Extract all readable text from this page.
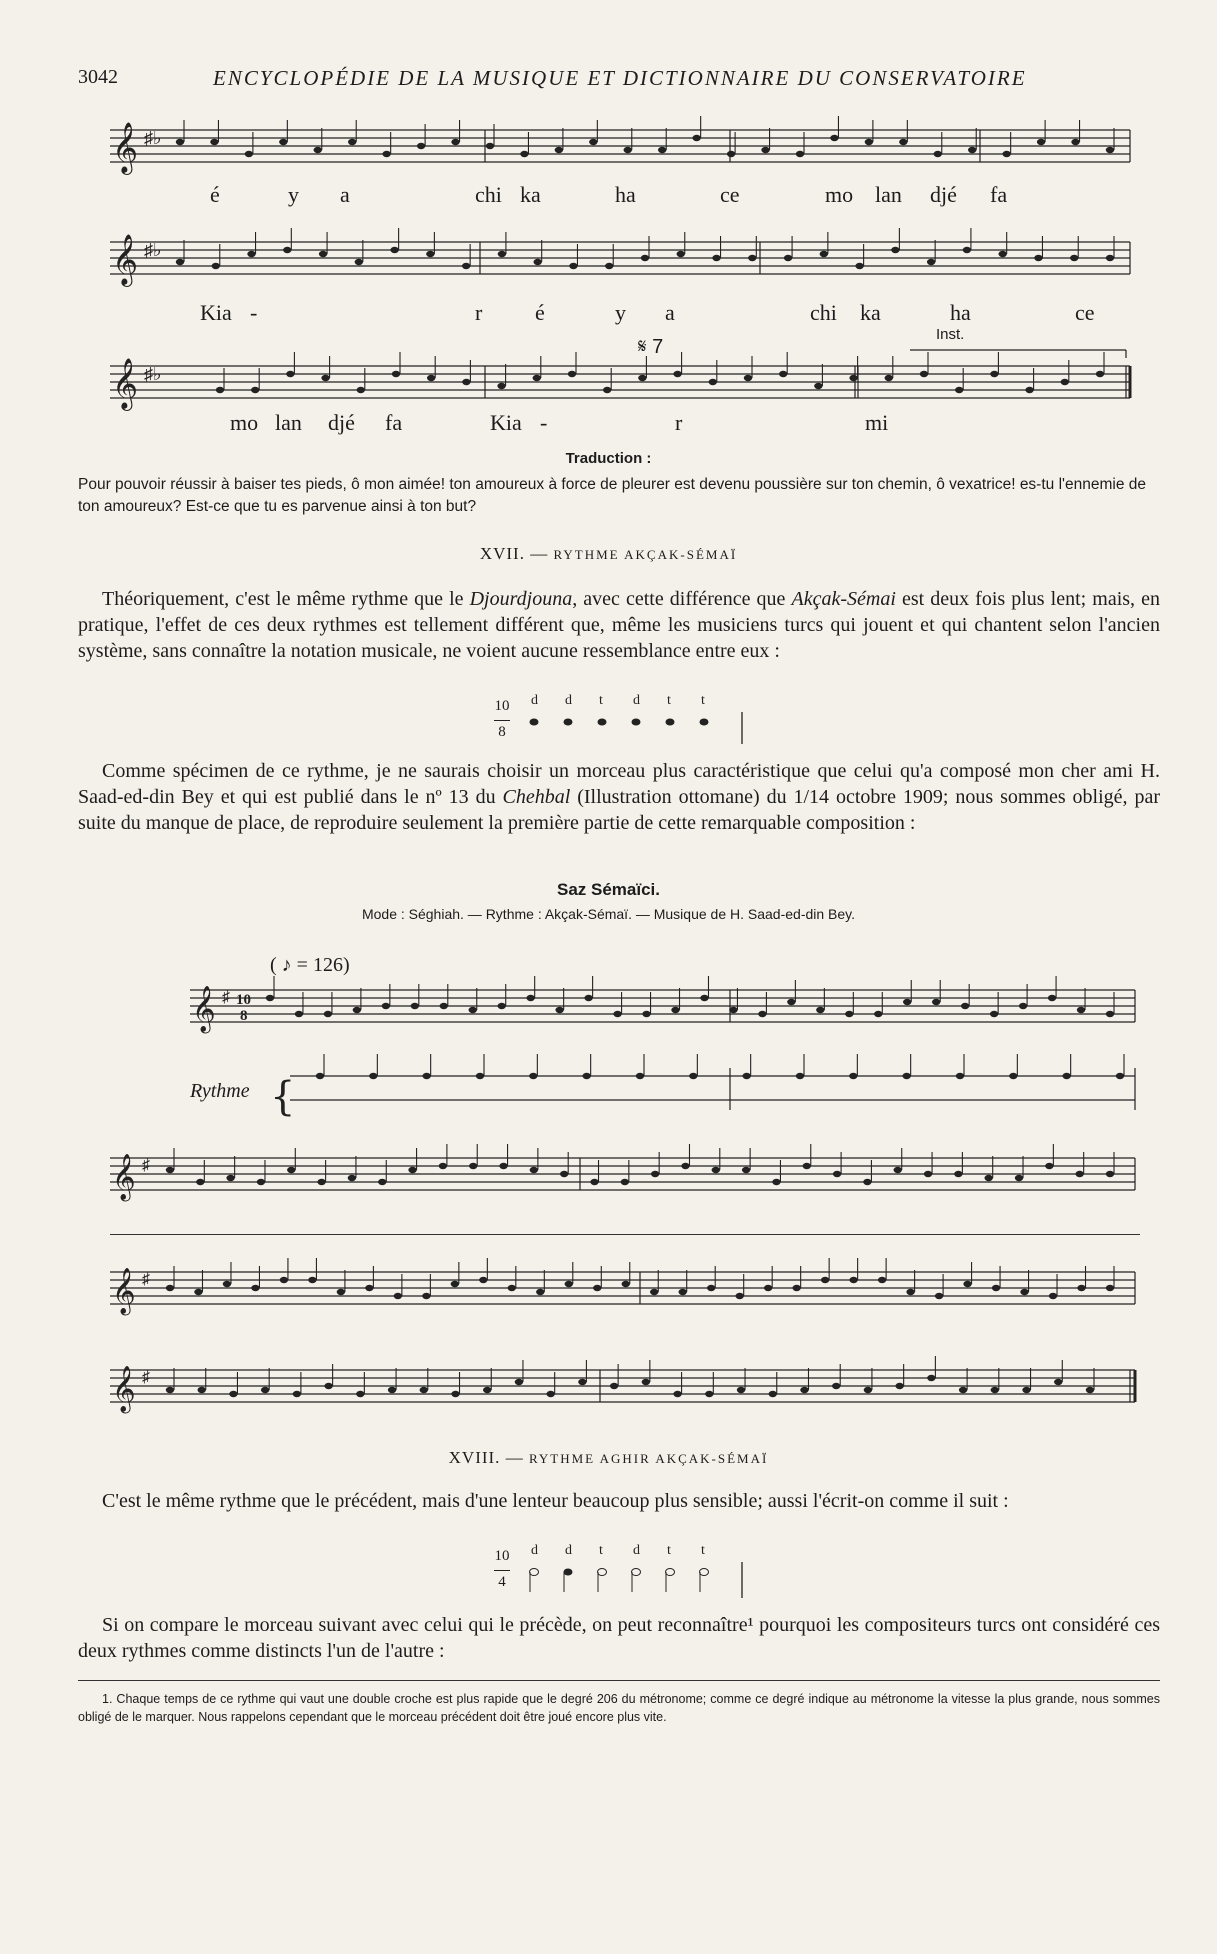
3042	ENCYCLOPÉDIE DE LA MUSIQUE ET DICTIONNAIRE DU CONSERVATOIRE
𝄞 ♯♭
é	y a	chi ka	ha	ce	mo lan djé fa
𝄞 ♯♭
Kia -	r é	y a	chi ka	ha	ce
𝄞 ♯♭
𝄋 7
Inst.
mo lan djé fa	Kia -	r	mi
Traduction :
Pour pouvoir réussir à baiser tes pieds, ô mon aimée! ton amoureux à force de pleurer est devenu poussière sur ton chemin, ô vexatrice! es-tu l'ennemie de ton amoureux? Est-ce que tu es parvenue ainsi à ton but?
XVII. — RYTHME AKÇAK-SÉMAÏ
Théoriquement, c'est le même rythme que le Djourdjouna, avec cette différence que Akçak-Sémai est deux fois plus lent; mais, en pratique, l'effet de ces deux rythmes est tellement différent que, même les musiciens turcs qui jouent et qui chantent selon l'ancien système, sans connaître la notation musicale, ne voient aucune ressemblance entre eux :
10
8
d d t d t t
Comme spécimen de ce rythme, je ne saurais choisir un morceau plus caractéristique que celui qu'a composé mon cher ami H. Saad-ed-din Bey et qui est publié dans le nº 13 du Chehbal (Illustration ottomane) du 1/14 octobre 1909; nous sommes obligé, par suite du manque de place, de reproduire seulement la première partie de cette remarquable composition :
Saz Sémaïci.
Mode : Séghiah. — Rythme : Akçak-Sémaï. — Musique de H. Saad-ed-din Bey.
( ♪ = 126)
𝄞 ♯ 10
8
Rythme {
𝄞 ♯
𝄞 ♯
𝄞 ♯
XVIII. — RYTHME AGHIR AKÇAK-SÉMAÏ
C'est le même rythme que le précédent, mais d'une lenteur beaucoup plus sensible; aussi l'écrit-on comme il suit :
10
4
d d t d t t
Si on compare le morceau suivant avec celui qui le précède, on peut reconnaître¹ pourquoi les compositeurs turcs ont considéré ces deux rythmes comme distincts l'un de l'autre :
1. Chaque temps de ce rythme qui vaut une double croche est plus rapide que le degré 206 du métronome; comme ce degré indique au métronome la vitesse la plus grande, nous sommes obligé de le marquer. Nous rappelons cependant que le morceau précédent doit être joué encore plus vite.
